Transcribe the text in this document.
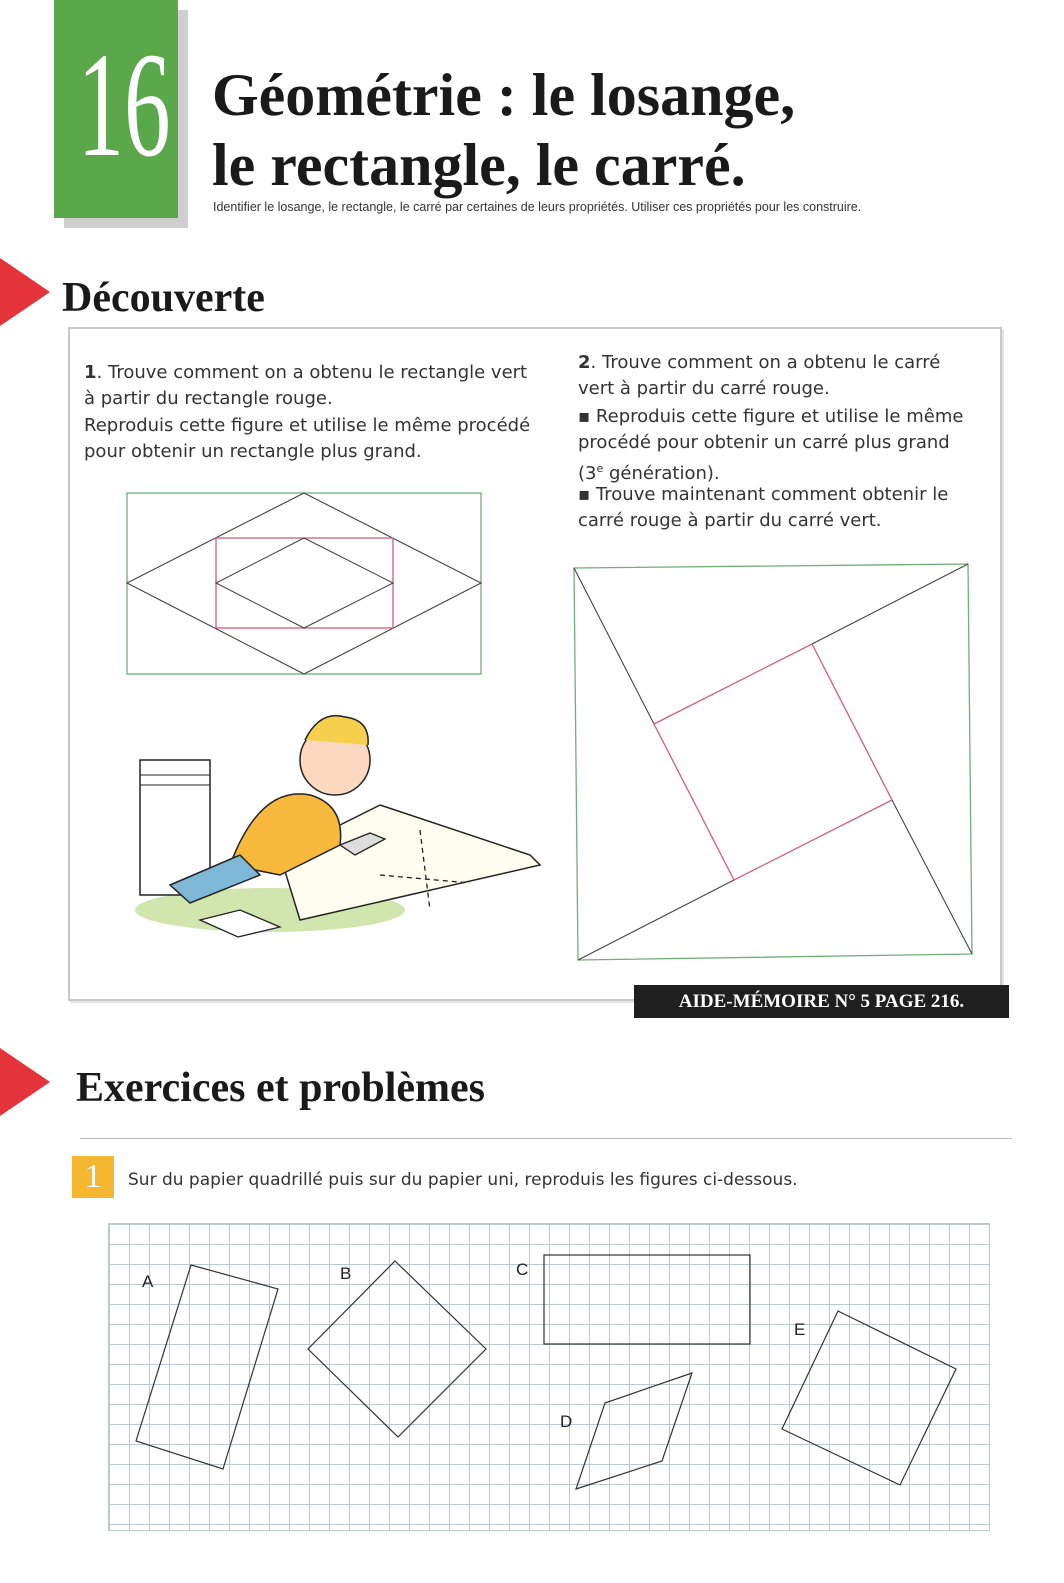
16 Géométrie : le losange,
le rectangle, le carré.
Identifier le losange, le rectangle, le carré par certaines de leurs propriétés. Utiliser ces propriétés pour les construire.
Découverte
1. Trouve comment on a obtenu le rectangle vert à partir du rectangle rouge.
Reproduis cette figure et utilise le même procédé pour obtenir un rectangle plus grand.
2. Trouve comment on a obtenu le carré vert à partir du carré rouge.
▪ Reproduis cette figure et utilise le même procédé pour obtenir un carré plus grand (3e génération).
▪ Trouve maintenant comment obtenir le carré rouge à partir du carré vert.
AIDE-MÉMOIRE N° 5 PAGE 216.
Exercices et problèmes
1	Sur du papier quadrillé puis sur du papier uni, reproduis les figures ci-dessous.
A	B	C
D
E
